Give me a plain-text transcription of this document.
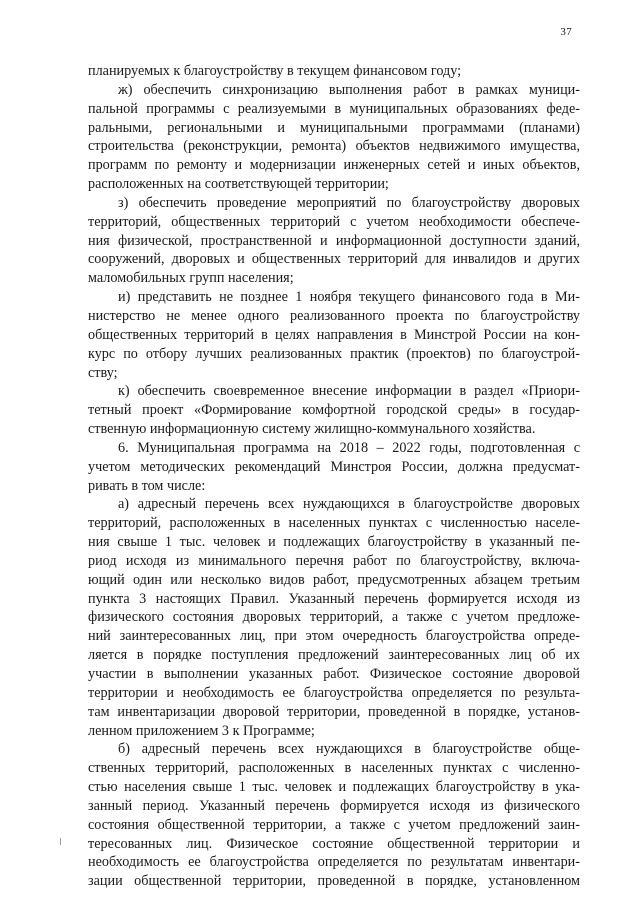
37
планируемых к благоустройству в текущем финансовом году;
ж) обеспечить синхронизацию выполнения работ в рамках муници-
пальной программы с реализуемыми в муниципальных образованиях феде-
ральными, региональными и муниципальными программами (планами)
строительства (реконструкции, ремонта) объектов недвижимого имущества,
программ по ремонту и модернизации инженерных сетей и иных объектов,
расположенных на соответствующей территории;
з) обеспечить проведение мероприятий по благоустройству дворовых
территорий, общественных территорий с учетом необходимости обеспече-
ния физической, пространственной и информационной доступности зданий,
сооружений, дворовых и общественных территорий для инвалидов и других
маломобильных групп населения;
и) представить не позднее 1 ноября текущего финансового года в Ми-
нистерство не менее одного реализованного проекта по благоустройству
общественных территорий в целях направления в Минстрой России на кон-
курс по отбору лучших реализованных практик (проектов) по благоустрой-
ству;
к) обеспечить своевременное внесение информации в раздел «Приори-
тетный проект «Формирование комфортной городской среды» в государ-
ственную информационную систему жилищно-коммунального хозяйства.
6. Муниципальная программа на 2018 – 2022 годы, подготовленная с
учетом методических рекомендаций Минстроя России, должна предусмат-
ривать в том числе:
а) адресный перечень всех нуждающихся в благоустройстве дворовых
территорий, расположенных в населенных пунктах с численностью населе-
ния свыше 1 тыс. человек и подлежащих благоустройству в указанный пе-
риод исходя из минимального перечня работ по благоустройству, включа-
ющий один или несколько видов работ, предусмотренных абзацем третьим
пункта 3 настоящих Правил. Указанный перечень формируется исходя из
физического состояния дворовых территорий, а также с учетом предложе-
ний заинтересованных лиц, при этом очередность благоустройства опреде-
ляется в порядке поступления предложений заинтересованных лиц об их
участии в выполнении указанных работ. Физическое состояние дворовой
территории и необходимость ее благоустройства определяется по результа-
там инвентаризации дворовой территории, проведенной в порядке, установ-
ленном приложением 3 к Программе;
б) адресный перечень всех нуждающихся в благоустройстве обще-
ственных территорий, расположенных в населенных пунктах с численно-
стью населения свыше 1 тыс. человек и подлежащих благоустройству в ука-
занный период. Указанный перечень формируется исходя из физического
состояния общественной территории, а также с учетом предложений заин-
тересованных лиц. Физическое состояние общественной территории и
необходимость ее благоустройства определяется по результатам инвентари-
зации общественной территории, проведенной в порядке, установленном
